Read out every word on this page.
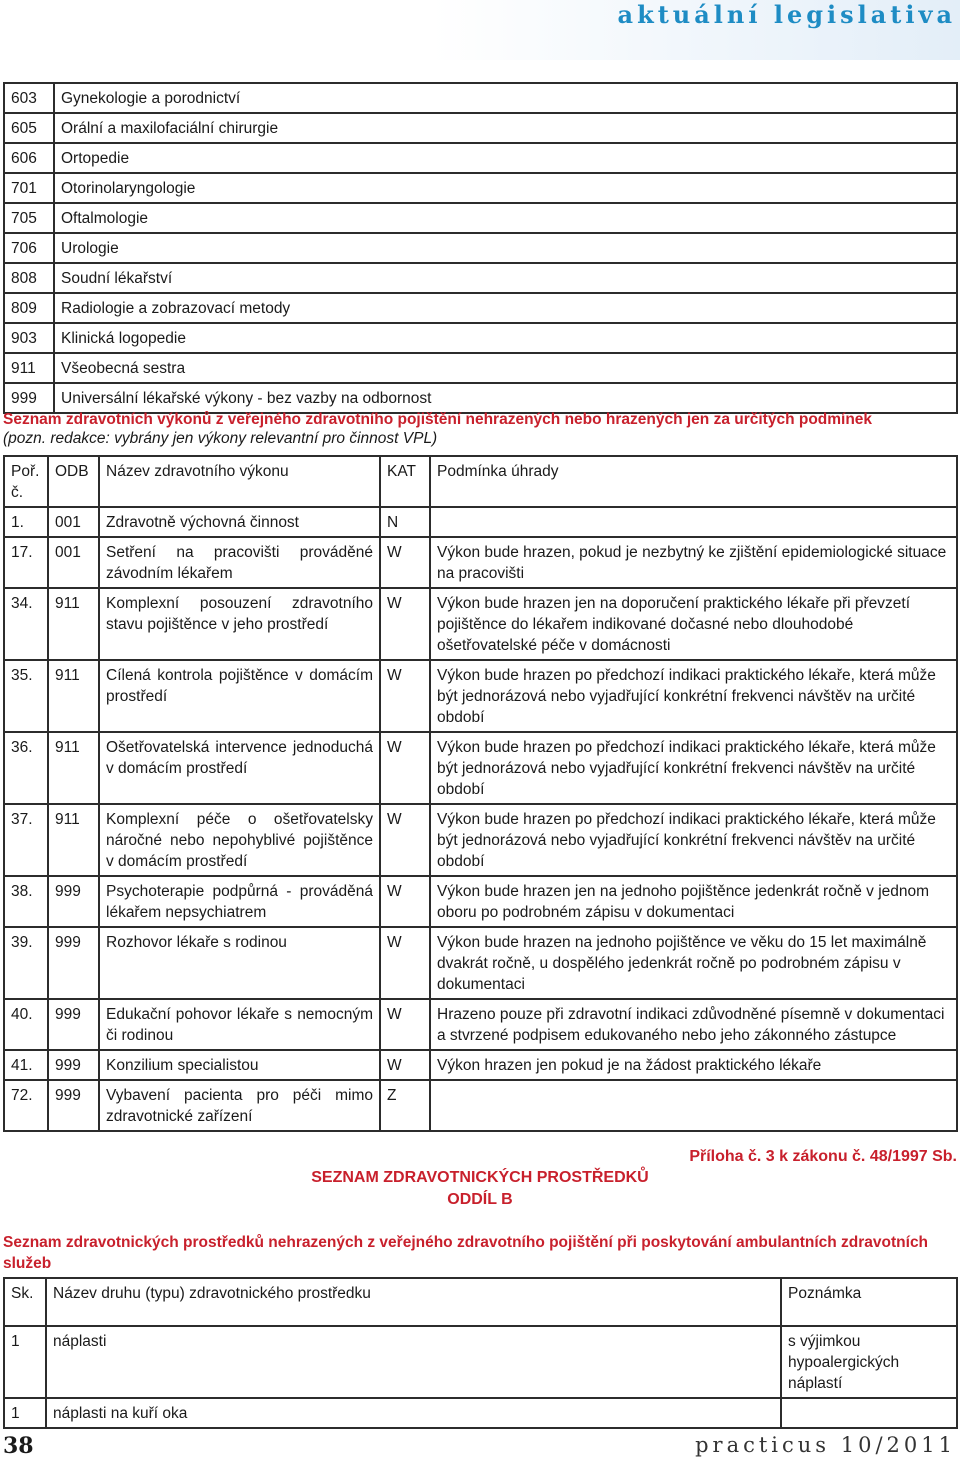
aktuální legislativa
603	Gynekologie a porodnictví
605	Orální a maxilofaciální chirurgie
606	Ortopedie
701	Otorinolaryngologie
705	Oftalmologie
706	Urologie
808	Soudní lékařství
809	Radiologie a zobrazovací metody
903	Klinická logopedie
911	Všeobecná sestra
999	Universální lékařské výkony - bez vazby na odbornost
Seznam zdravotních výkonů z veřejného zdravotního pojištění nehrazených nebo hrazených jen za určitých podmínek
(pozn. redakce: vybrány jen výkony relevantní pro činnost VPL)
Poř. č.	ODB	Název zdravotního výkonu	KAT	Podmínka úhrady
1.	001	Zdravotně výchovná činnost	N	
17.	001	Setření na pracovišti prováděné závodním lékařem	W	Výkon bude hrazen, pokud je nezbytný ke zjištění epidemiologické situace na pracovišti
34.	911	Komplexní posouzení zdravotního stavu pojištěnce v jeho prostředí	W	Výkon bude hrazen jen na doporučení praktického lékaře při převzetí pojištěnce do lékařem indikované dočasné nebo dlouhodobé ošetřovatelské péče v domácnosti
35.	911	Cílená kontrola pojištěnce v domácím prostředí	W	Výkon bude hrazen po předchozí indikaci praktického lékaře, která může být jednorázová nebo vyjadřující konkrétní frekvenci návštěv na určité období
36.	911	Ošetřovatelská intervence jednoduchá v domácím prostředí	W	Výkon bude hrazen po předchozí indikaci praktického lékaře, která může být jednorázová nebo vyjadřující konkrétní frekvenci návštěv na určité období
37.	911	Komplexní péče o ošetřovatelsky náročné nebo nepohyblivé pojištěnce v domácím prostředí	W	Výkon bude hrazen po předchozí indikaci praktického lékaře, která může být jednorázová nebo vyjadřující konkrétní frekvenci návštěv na určité období
38.	999	Psychoterapie podpůrná - prováděná lékařem nepsychiatrem	W	Výkon bude hrazen jen na jednoho pojištěnce jedenkrát ročně v jednom oboru po podrobném zápisu v dokumentaci
39.	999	Rozhovor lékaře s rodinou	W	Výkon bude hrazen na jednoho pojištěnce ve věku do 15 let maximálně dvakrát ročně, u dospělého jedenkrát ročně po podrobném zápisu v dokumentaci
40.	999	Edukační pohovor lékaře s nemocným či rodinou	W	Hrazeno pouze při zdravotní indikaci zdůvodněné písemně v dokumentaci a stvrzené podpisem edukovaného nebo jeho zákonného zástupce
41.	999	Konzilium specialistou	W	Výkon hrazen jen pokud je na žádost praktického lékaře
72.	999	Vybavení pacienta pro péči mimo zdravotnické zařízení	Z	
Příloha č. 3 k zákonu č. 48/1997 Sb.
SEZNAM ZDRAVOTNICKÝCH PROSTŘEDKŮ
ODDÍL B
Seznam zdravotnických prostředků nehrazených z veřejného zdravotního pojištění při poskytování ambulantních zdravotních služeb
Sk.	Název druhu (typu) zdravotnického prostředku	Poznámka
1	náplasti	s výjimkou hypoalergických náplastí
1	náplasti na kuří oka	
38	practicus 10/2011
